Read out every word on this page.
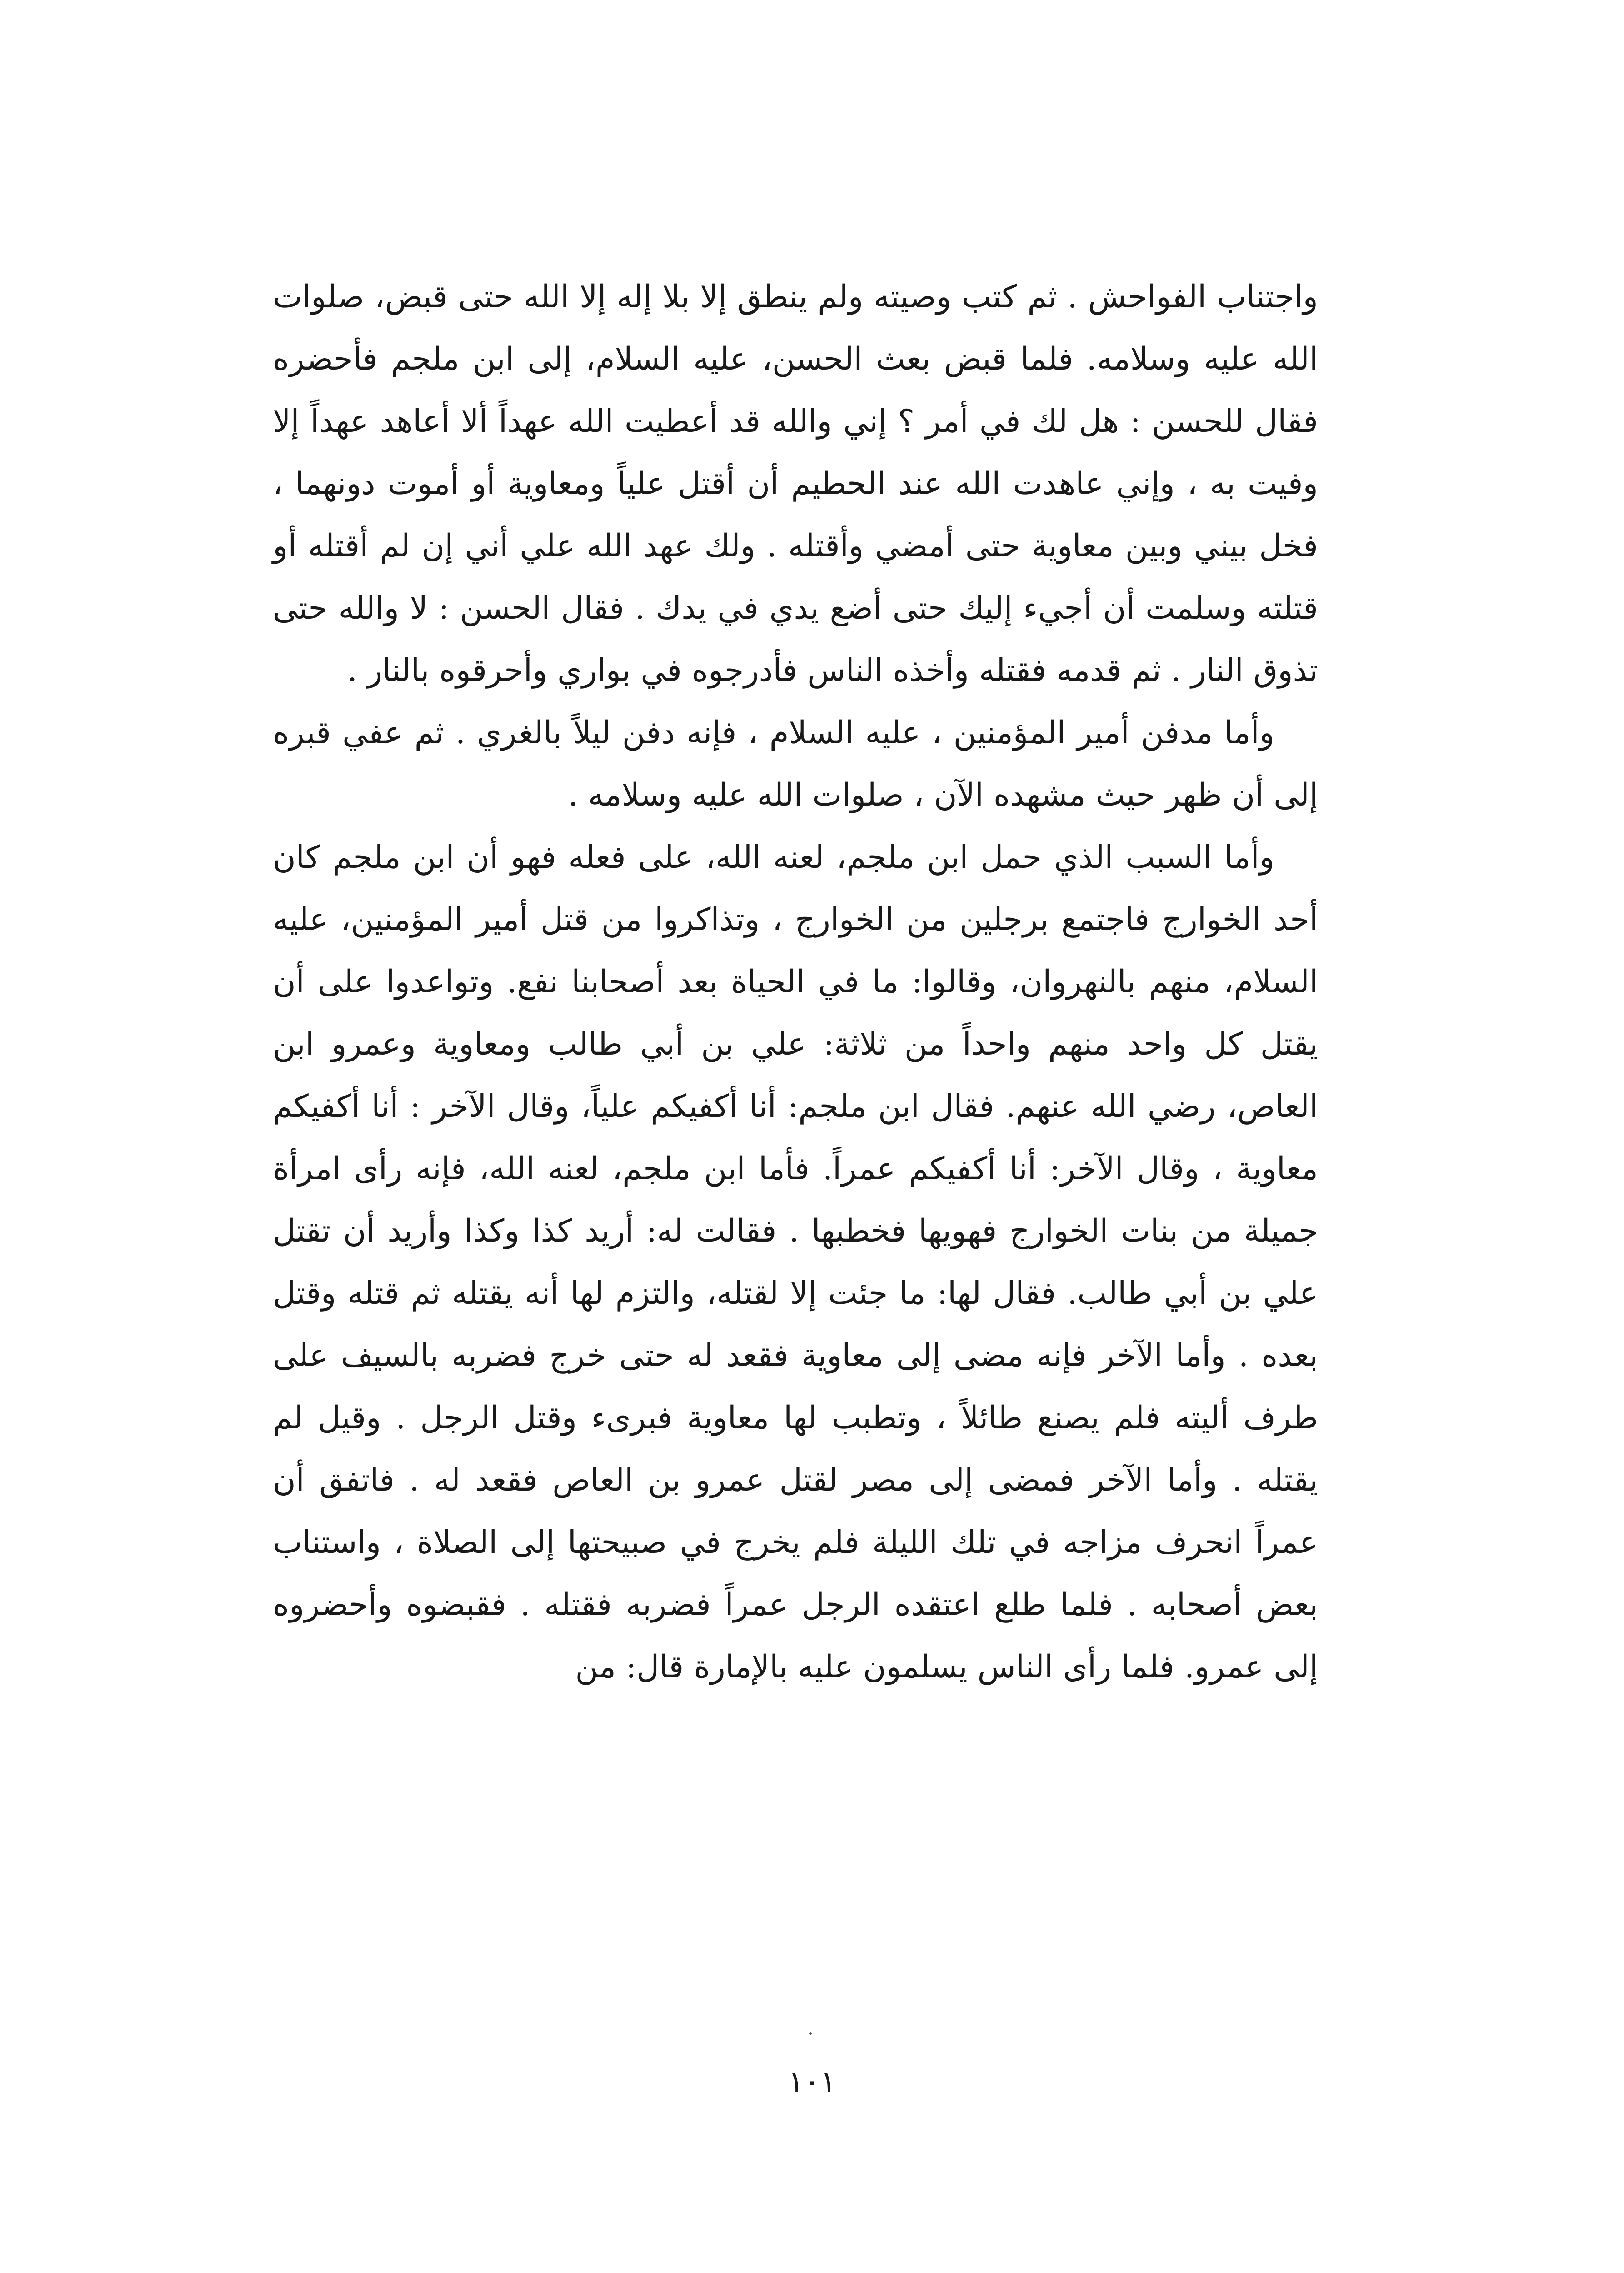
واجتناب الفواحش . ثم كتب وصيته ولم ينطق إلا بلا إله إلا الله حتى قبض، صلوات الله عليه وسلامه. فلما قبض بعث الحسن، عليه السلام، إلى ابن ملجم فأحضره فقال للحسن : هل لك في أمر ؟ إني والله قد أعطيت الله عهداً ألا أعاهد عهداً إلا وفيت به ، وإني عاهدت الله عند الحطيم أن أقتل علياً ومعاوية أو أموت دونهما ، فخل بيني وبين معاوية حتى أمضي وأقتله . ولك عهد الله علي أني إن لم أقتله أو قتلته وسلمت أن أجيء إليك حتى أضع يدي في يدك . فقال الحسن : لا والله حتى تذوق النار . ثم قدمه فقتله وأخذه الناس فأدرجوه في بواري وأحرقوه بالنار .

وأما مدفن أمير المؤمنين ، عليه السلام ، فإنه دفن ليلاً بالغري . ثم عفي قبره إلى أن ظهر حيث مشهده الآن ، صلوات الله عليه وسلامه .

وأما السبب الذي حمل ابن ملجم، لعنه الله، على فعله فهو أن ابن ملجم كان أحد الخوارج فاجتمع برجلين من الخوارج ، وتذاكروا من قتل أمير المؤمنين، عليه السلام، منهم بالنهروان، وقالوا: ما في الحياة بعد أصحابنا نفع. وتواعدوا على أن يقتل كل واحد منهم واحداً من ثلاثة: علي بن أبي طالب ومعاوية وعمرو ابن العاص، رضي الله عنهم. فقال ابن ملجم: أنا أكفيكم علياً، وقال الآخر : أنا أكفيكم معاوية ، وقال الآخر: أنا أكفيكم عمراً. فأما ابن ملجم، لعنه الله، فإنه رأى امرأة جميلة من بنات الخوارج فهويها فخطبها . فقالت له: أريد كذا وكذا وأريد أن تقتل علي بن أبي طالب. فقال لها: ما جئت إلا لقتله، والتزم لها أنه يقتله ثم قتله وقتل بعده . وأما الآخر فإنه مضى إلى معاوية فقعد له حتى خرج فضربه بالسيف على طرف أليته فلم يصنع طائلاً ، وتطبب لها معاوية فبرىء وقتل الرجل . وقيل لم يقتله . وأما الآخر فمضى إلى مصر لقتل عمرو بن العاص فقعد له . فاتفق أن عمراً انحرف مزاجه في تلك الليلة فلم يخرج في صبيحتها إلى الصلاة ، واستناب بعض أصحابه . فلما طلع اعتقده الرجل عمراً فضربه فقتله . فقبضوه وأحضروه إلى عمرو. فلما رأى الناس يسلمون عليه بالإمارة قال: من

١٠١
